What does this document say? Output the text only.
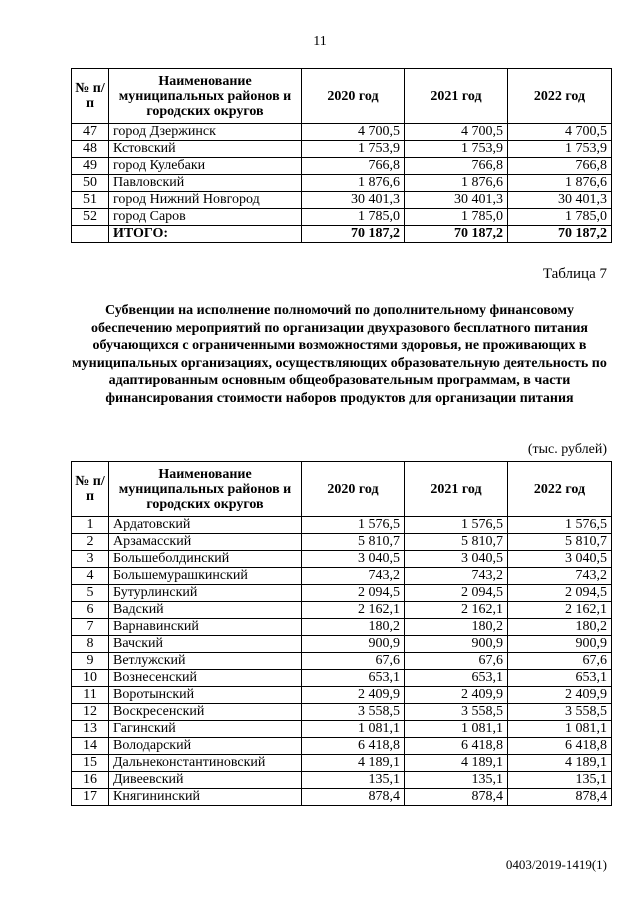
11
№ п/п	Наименование муниципальных районов и городских округов	2020 год	2021 год	2022 год
47	город Дзержинск	4 700,5	4 700,5	4 700,5
48	Кстовский	1 753,9	1 753,9	1 753,9
49	город Кулебаки	766,8	766,8	766,8
50	Павловский	1 876,6	1 876,6	1 876,6
51	город Нижний Новгород	30 401,3	30 401,3	30 401,3
52	город Саров	1 785,0	1 785,0	1 785,0
	ИТОГО:	70 187,2	70 187,2	70 187,2
Таблица 7
Субвенции на исполнение полномочий по дополнительному финансовому обеспечению мероприятий по организации двухразового бесплатного питания обучающихся с ограниченными возможностями здоровья, не проживающих в муниципальных организациях, осуществляющих образовательную деятельность по адаптированным основным общеобразовательным программам, в части финансирования стоимости наборов продуктов для организации питания
(тыс. рублей)
№ п/п	Наименование муниципальных районов и городских округов	2020 год	2021 год	2022 год
1	Ардатовский	1 576,5	1 576,5	1 576,5
2	Арзамасский	5 810,7	5 810,7	5 810,7
3	Большеболдинский	3 040,5	3 040,5	3 040,5
4	Большемурашкинский	743,2	743,2	743,2
5	Бутурлинский	2 094,5	2 094,5	2 094,5
6	Вадский	2 162,1	2 162,1	2 162,1
7	Варнавинский	180,2	180,2	180,2
8	Вачский	900,9	900,9	900,9
9	Ветлужский	67,6	67,6	67,6
10	Вознесенский	653,1	653,1	653,1
11	Воротынский	2 409,9	2 409,9	2 409,9
12	Воскресенский	3 558,5	3 558,5	3 558,5
13	Гагинский	1 081,1	1 081,1	1 081,1
14	Володарский	6 418,8	6 418,8	6 418,8
15	Дальнеконстантиновский	4 189,1	4 189,1	4 189,1
16	Дивеевский	135,1	135,1	135,1
17	Княгининский	878,4	878,4	878,4
0403/2019-1419(1)
